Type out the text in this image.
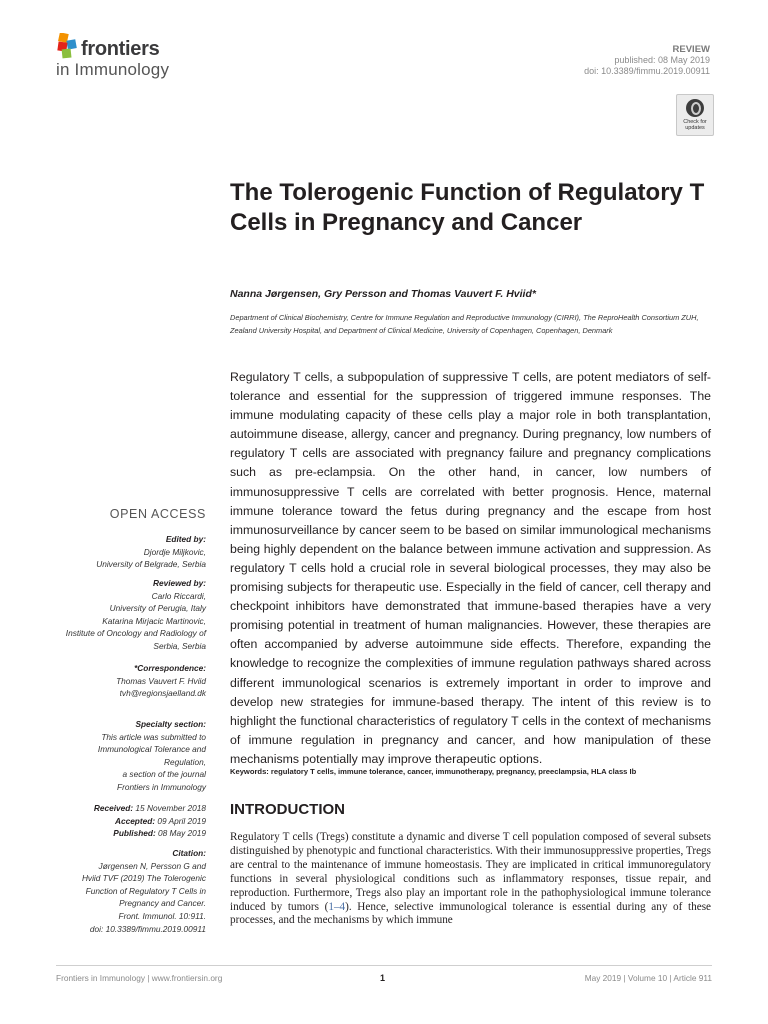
frontiers
in Immunology
REVIEW
published: 08 May 2019
doi: 10.3389/fimmu.2019.00911
Check for updates
The Tolerogenic Function of Regulatory T Cells in Pregnancy and Cancer
Nanna Jørgensen, Gry Persson and Thomas Vauvert F. Hviid*
Department of Clinical Biochemistry, Centre for Immune Regulation and Reproductive Immunology (CIRRI), The ReproHealth Consortium ZUH, Zealand University Hospital, and Department of Clinical Medicine, University of Copenhagen, Copenhagen, Denmark
Regulatory T cells, a subpopulation of suppressive T cells, are potent mediators of self-tolerance and essential for the suppression of triggered immune responses. The immune modulating capacity of these cells play a major role in both transplantation, autoimmune disease, allergy, cancer and pregnancy. During pregnancy, low numbers of regulatory T cells are associated with pregnancy failure and pregnancy complications such as pre-eclampsia. On the other hand, in cancer, low numbers of immunosuppressive T cells are correlated with better prognosis. Hence, maternal immune tolerance toward the fetus during pregnancy and the escape from host immunosurveillance by cancer seem to be based on similar immunological mechanisms being highly dependent on the balance between immune activation and suppression. As regulatory T cells hold a crucial role in several biological processes, they may also be promising subjects for therapeutic use. Especially in the field of cancer, cell therapy and checkpoint inhibitors have demonstrated that immune-based therapies have a very promising potential in treatment of human malignancies. However, these therapies are often accompanied by adverse autoimmune side effects. Therefore, expanding the knowledge to recognize the complexities of immune regulation pathways shared across different immunological scenarios is extremely important in order to improve and develop new strategies for immune-based therapy. The intent of this review is to highlight the functional characteristics of regulatory T cells in the context of mechanisms of immune regulation in pregnancy and cancer, and how manipulation of these mechanisms potentially may improve therapeutic options.
Keywords: regulatory T cells, immune tolerance, cancer, immunotherapy, pregnancy, preeclampsia, HLA class Ib
INTRODUCTION
Regulatory T cells (Tregs) constitute a dynamic and diverse T cell population composed of several subsets distinguished by phenotypic and functional characteristics. With their immunosuppressive properties, Tregs are central to the maintenance of immune homeostasis. They are implicated in critical immunoregulatory functions in several physiological conditions such as inflammatory responses, tissue repair, and reproduction. Furthermore, Tregs also play an important role in the pathophysiological immune tolerance induced by tumors (1–4). Hence, selective immunological tolerance is essential during any of these processes, and the mechanisms by which immune
OPEN ACCESS
Edited by:
Djordje Miljkovic,
University of Belgrade, Serbia
Reviewed by:
Carlo Riccardi,
University of Perugia, Italy
Katarina Mirjacic Martinovic,
Institute of Oncology and Radiology of
Serbia, Serbia
*Correspondence:
Thomas Vauvert F. Hviid
tvh@regionsjaelland.dk
Specialty section:
This article was submitted to
Immunological Tolerance and
Regulation,
a section of the journal
Frontiers in Immunology
Received: 15 November 2018
Accepted: 09 April 2019
Published: 08 May 2019
Citation:
Jørgensen N, Persson G and
Hviid TVF (2019) The Tolerogenic
Function of Regulatory T Cells in
Pregnancy and Cancer.
Front. Immunol. 10:911.
doi: 10.3389/fimmu.2019.00911
Frontiers in Immunology | www.frontiersin.org	1	May 2019 | Volume 10 | Article 911
